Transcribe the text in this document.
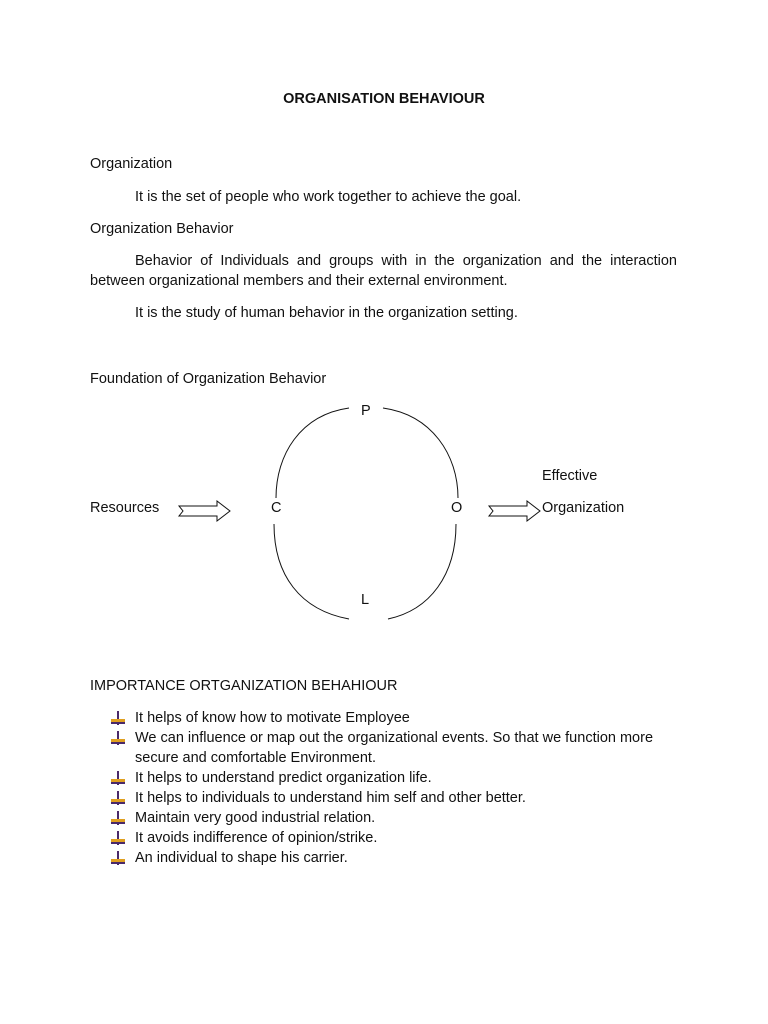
ORGANISATION BEHAVIOUR
Organization
It is the set of people who work together to achieve the goal.
Organization Behavior
Behavior of Individuals and groups with in the organization and the interaction between organizational members and their external environment.
It is the study of human behavior in the organization setting.
Foundation of Organization Behavior
P
C	O
L
Resources
Effective
Organization
IMPORTANCE ORTGANIZATION BEHAHIOUR
It helps of know how to motivate Employee
We can influence or map out the organizational events. So that we function more secure and comfortable Environment.
It helps to understand predict organization life.
It helps to individuals to understand him self and other better.
Maintain very good industrial relation.
It avoids indifference of opinion/strike.
An individual to shape his carrier.
